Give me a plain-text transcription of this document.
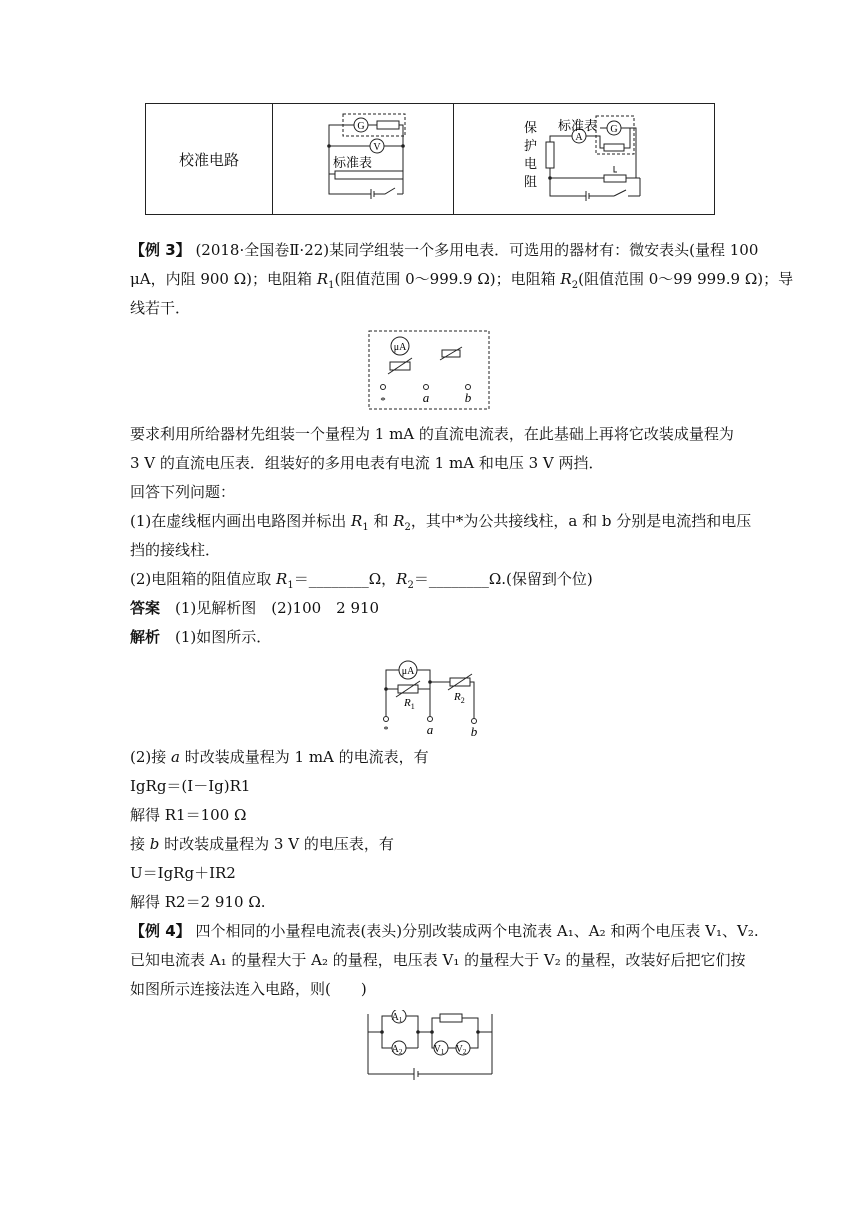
校准电路	
G
V
标准表

A
G
标准表
保
护
电
阻
【例 3】 (2018·全国卷Ⅱ·22)某同学组装一个多用电表．可选用的器材有：微安表头(量程 100
μA，内阻 900 Ω)；电阻箱 $R_1$(阻值范围 0～999.9 Ω)；电阻箱 $R_2$(阻值范围 0～99 999.9 Ω)；导
线若干．
μA
*	a	b
要求利用所给器材先组装一个量程为 1 mA 的直流电流表，在此基础上再将它改装成量程为
3 V 的直流电压表．组装好的多用电表有电流 1 mA 和电压 3 V 两挡．
回答下列问题：
(1)在虚线框内画出电路图并标出 $R_1$ 和 $R_2$，其中*为公共接线柱，a 和 b 分别是电流挡和电压
挡的接线柱．
(2)电阻箱的阻值应取 $R_1=\_\_\_\_\_\_\_\_\Omega$，$R_2=\_\_\_\_\_\_\_\_\Omega$.(保留到个位)
答案　 (1)见解析图　(2)100　2 910
解析　 (1)如图所示．
μA
$R_1$
$R_2$
*	a	b
(2)接 a 时改装成量程为 1 mA 的电流表，有
IgRg＝(I－Ig)R1
解得 R1＝100 Ω
接 b 时改装成量程为 3 V 的电压表，有
U＝IgRg＋IR2
解得 R2＝2 910 Ω.
【例 4】 四个相同的小量程电流表(表头)分别改装成两个电流表 A₁、A₂ 和两个电压表 V₁、V₂.
已知电流表 A₁ 的量程大于 A₂ 的量程，电压表 V₁ 的量程大于 V₂ 的量程，改装好后把它们按
如图所示连接法连入电路，则(　　)
$A_1$
$A_2$	$V_1$ $V_2$
